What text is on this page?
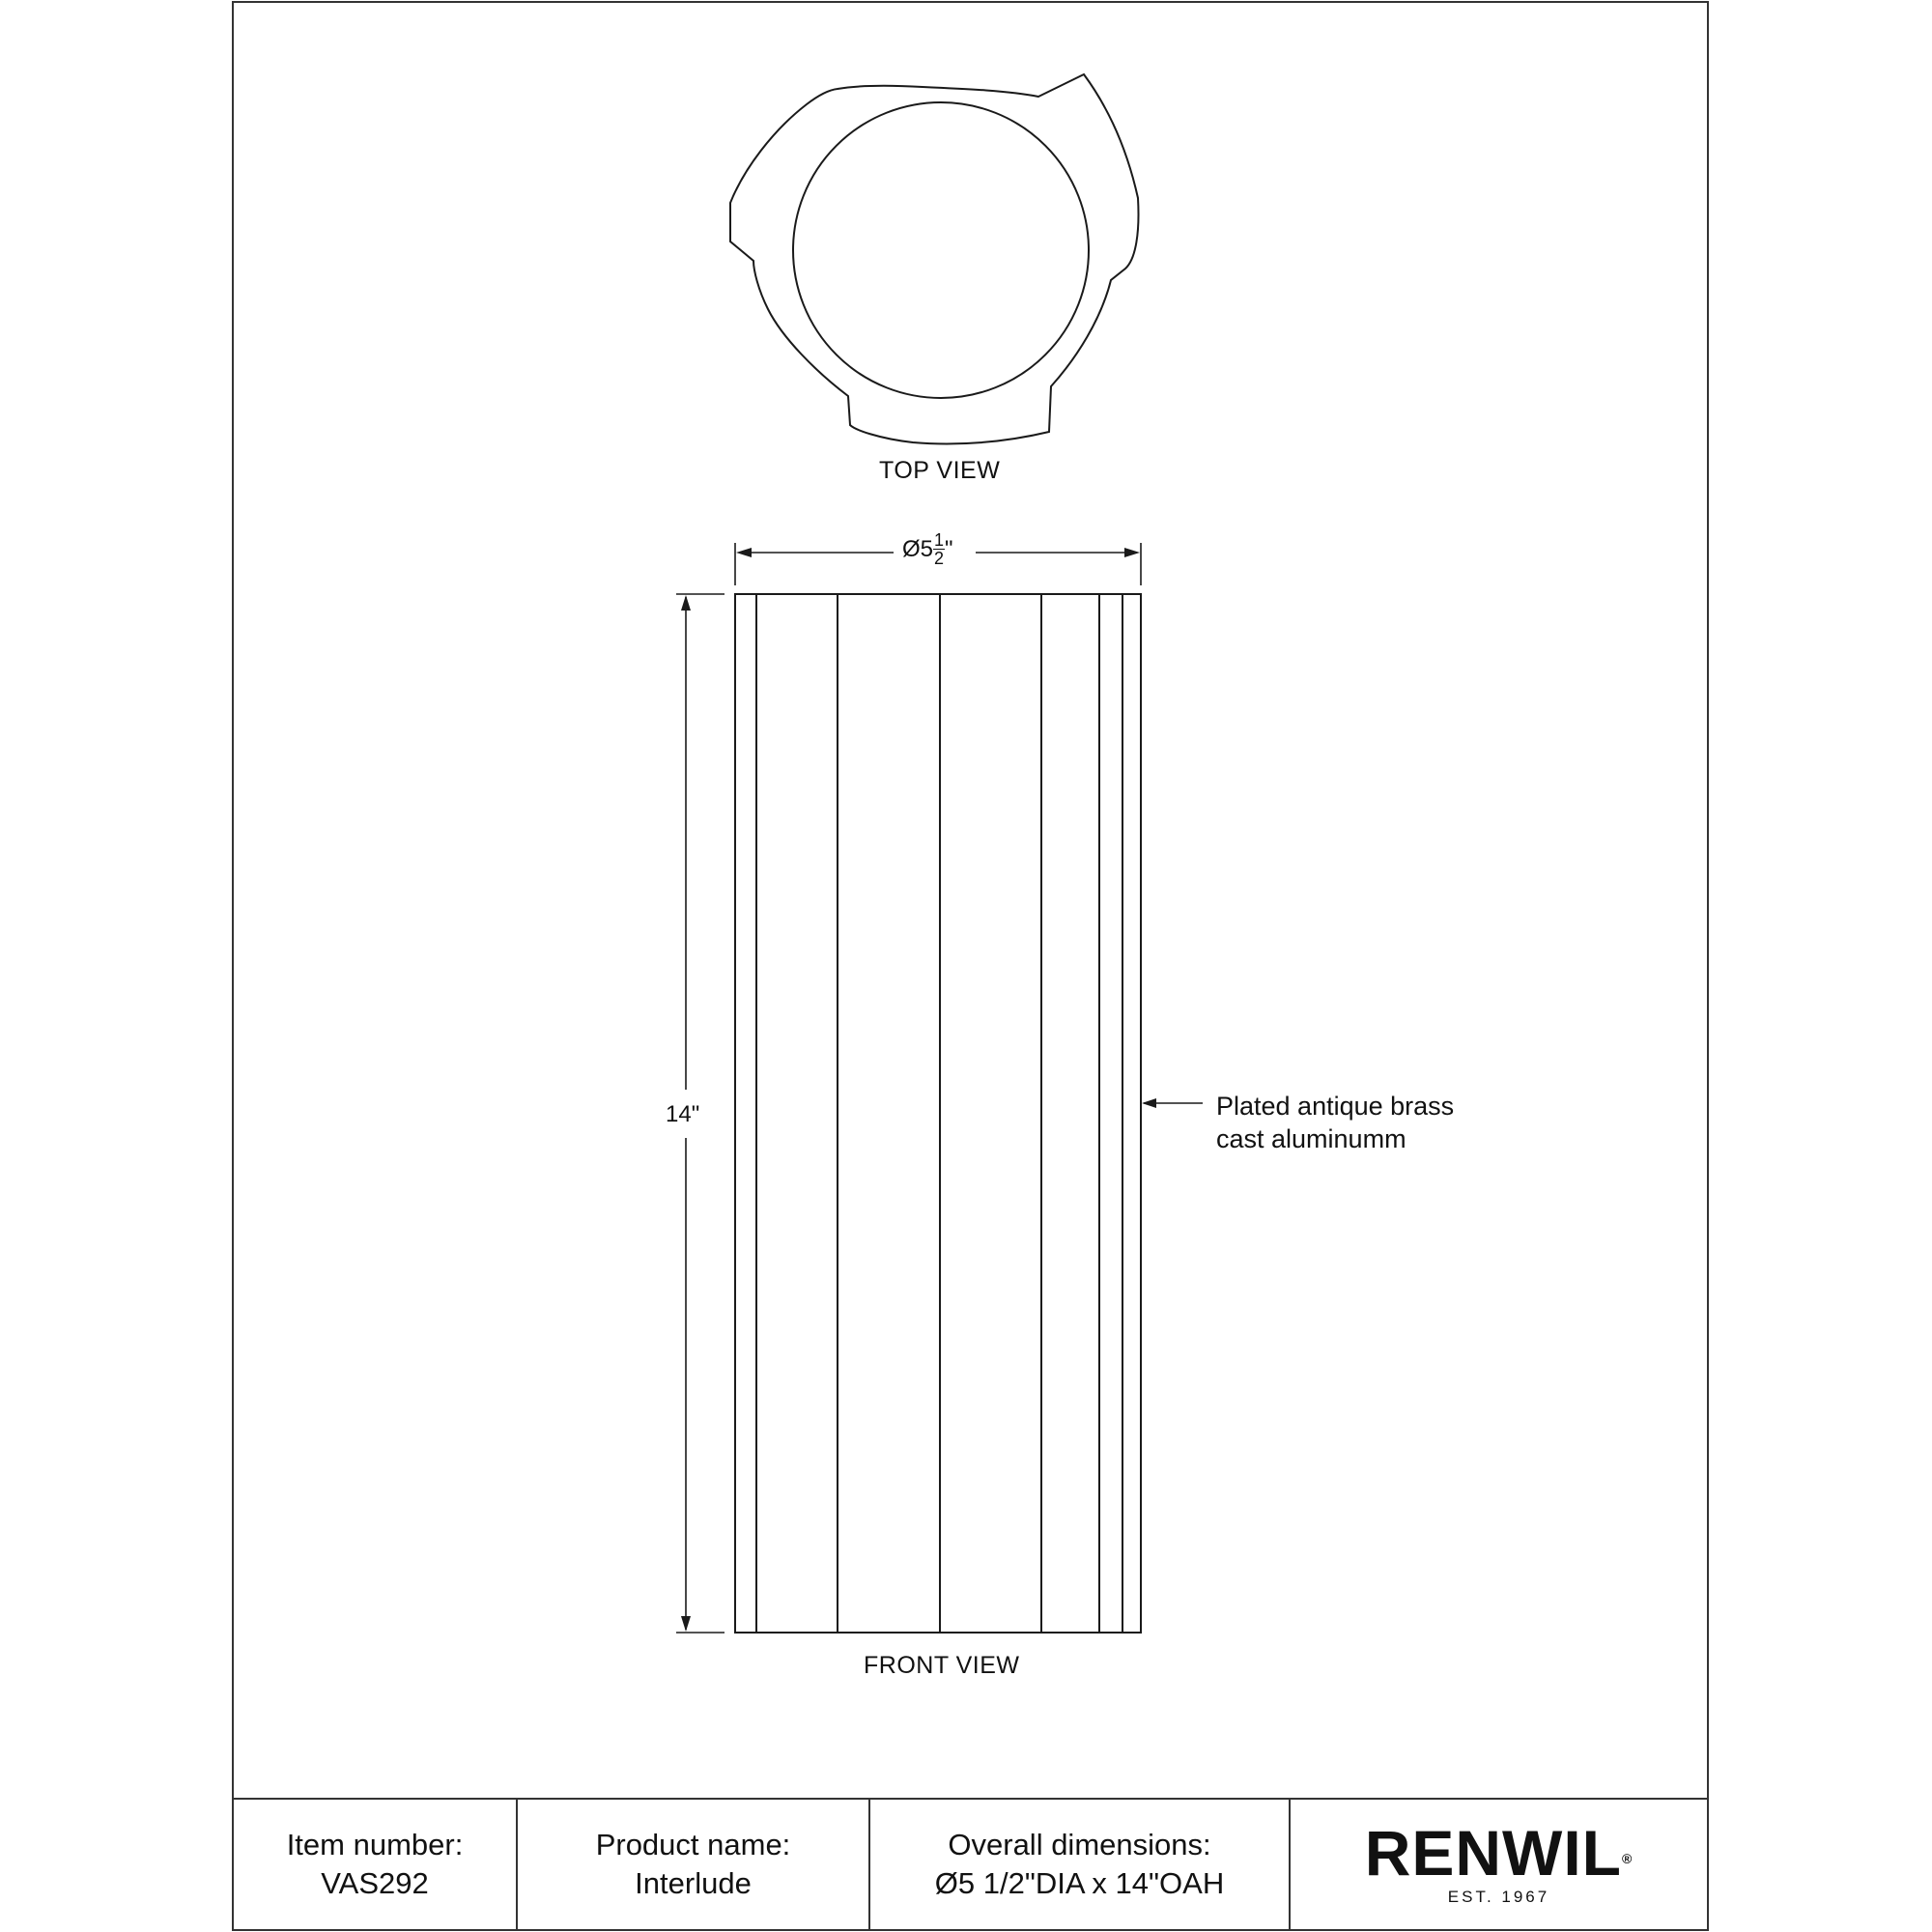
TOP VIEW
FRONT VIEW
Ø5 $\frac{1}{2}$ "
14"	Plated antique brass
cast aluminumm
Item number:
VAS292
Product name:
Interlude
Overall dimensions:
Ø5 1/2"DIA x 14"OAH RENWIL®
EST. 1967
